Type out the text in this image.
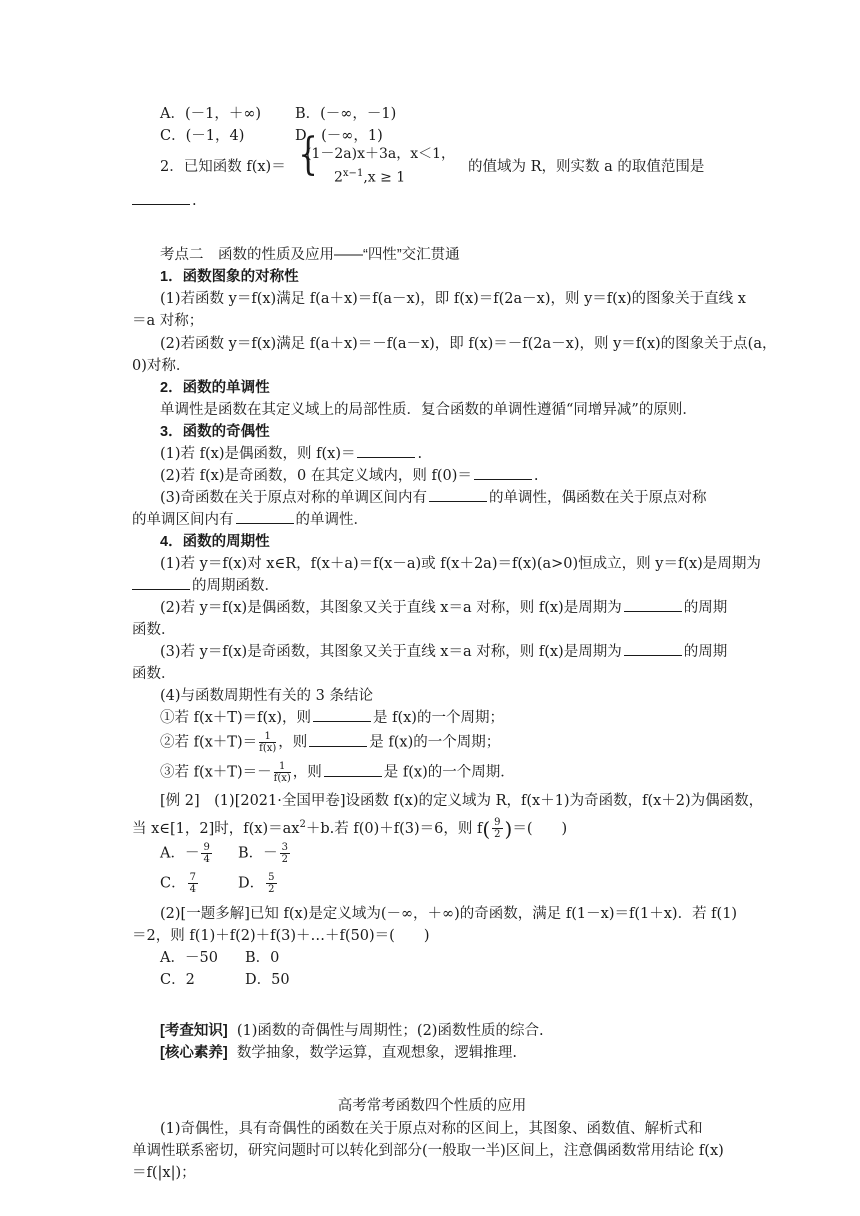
A．(－1，＋∞) B．(－∞，－1)
C．(－1，4)	D．(－∞，1)
2．已知函数 f(x)＝ {
(1－2a)x＋3a，x＜1，
$2^{x-1},x \ge 1$
的值域为 R，则实数 a 的取值范围是
.
考点二　函数的性质及应用——“四性”交汇贯通
1．函数图象的对称性
(1)若函数 y＝f(x)满足 f(a＋x)＝f(a－x)，即 f(x)＝f(2a－x)，则 y＝f(x)的图象关于直线 x
＝a 对称；
(2)若函数 y＝f(x)满足 f(a＋x)＝－f(a－x)，即 f(x)＝－f(2a－x)，则 y＝f(x)的图象关于点(a，
0)对称．
2．函数的单调性
单调性是函数在其定义域上的局部性质．复合函数的单调性遵循“同增异减”的原则．
3．函数的奇偶性
(1)若 f(x)是偶函数，则 f(x)＝	.
(2)若 f(x)是奇函数，0 在其定义域内，则 f(0)＝	.
(3)奇函数在关于原点对称的单调区间内有	的单调性，偶函数在关于原点对称
的单调区间内有	的单调性．
4．函数的周期性
(1)若 y＝f(x)对 x∈R，f(x＋a)＝f(x－a)或 f(x＋2a)＝f(x)(a>0)恒成立，则 y＝f(x)是周期为
的周期函数．
(2)若 y＝f(x)是偶函数，其图象又关于直线 x＝a 对称，则 f(x)是周期为	的周期
函数．
(3)若 y＝f(x)是奇函数，其图象又关于直线 x＝a 对称，则 f(x)是周期为	的周期
函数．
(4)与函数周期性有关的 3 条结论
①若 f(x＋T)＝f(x)，则	是 f(x)的一个周期；
②若 $f(x+T)= \frac{1}{f(x)}$ ，则	是 f(x)的一个周期；
③若 $f(x+T)=- \frac{1}{f(x)}$ ，则	是 f(x)的一个周期．
[例 2]　(1)[2021·全国甲卷]设函数 f(x)的定义域为 R，f(x＋1)为奇函数，f(x＋2)为偶函数，
当 x∈[1，2]时，$f(x)=ax^2+b$.若 f(0)＋f(3)＝6，则 $f( \frac{9}{2}$ )＝(　　)
A．－ $\frac{9}{4}$ B．－ $\frac{3}{2}$
C． $\frac{7}{4}$	D． $\frac{5}{2}$
(2)[一题多解]已知 f(x)是定义域为(－∞，＋∞)的奇函数，满足 f(1－x)＝f(1＋x)．若 f(1)
＝2，则 f(1)＋f(2)＋f(3)＋…＋f(50)＝(　　)
A．－50 B．0
C．2	D．50
[考查知识] (1)函数的奇偶性与周期性；(2)函数性质的综合.
[核心素养] 数学抽象，数学运算，直观想象，逻辑推理.
高考常考函数四个性质的应用
(1)奇偶性，具有奇偶性的函数在关于原点对称的区间上，其图象、函数值、解析式和
单调性联系密切，研究问题时可以转化到部分(一般取一半)区间上，注意偶函数常用结论 f(x)
＝f(|x|)；
